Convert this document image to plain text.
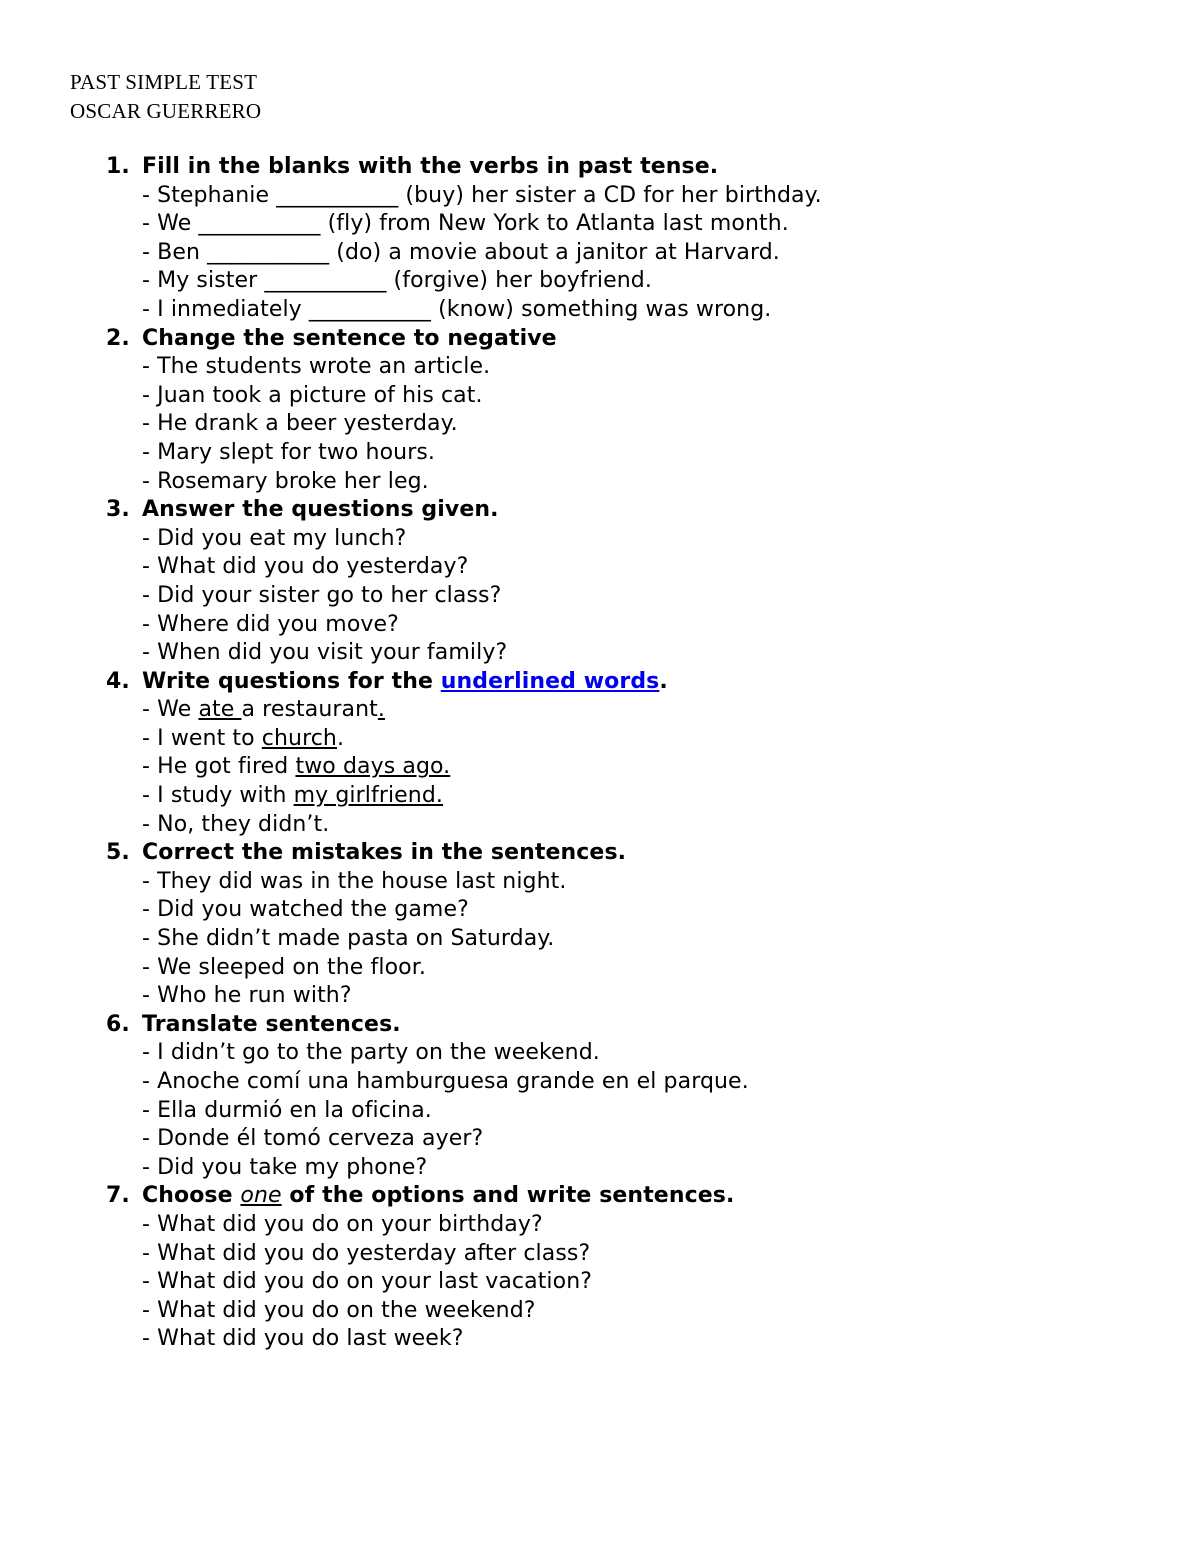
PAST SIMPLE TEST
OSCAR GUERRERO
1. Fill in the blanks with the verbs in past tense.
- Stephanie ___________ (buy) her sister a CD for her birthday.
- We ___________ (fly) from New York to Atlanta last month.
- Ben ___________ (do) a movie about a janitor at Harvard.
- My sister ___________ (forgive) her boyfriend.
- I inmediately ___________ (know) something was wrong.
2. Change the sentence to negative
- The students wrote an article.
- Juan took a picture of his cat.
- He drank a beer yesterday.
- Mary slept for two hours.
- Rosemary broke her leg.
3. Answer the questions given.
- Did you eat my lunch?
- What did you do yesterday?
- Did your sister go to her class?
- Where did you move?
- When did you visit your family?
4. Write questions for the underlined words.
- We ate a restaurant.
- I went to church.
- He got fired two days ago.
- I study with my girlfriend.
- No, they didn’t.
5. Correct the mistakes in the sentences.
- They did was in the house last night.
- Did you watched the game?
- She didn’t made pasta on Saturday.
- We sleeped on the floor.
- Who he run with?
6. Translate sentences.
- I didn’t go to the party on the weekend.
- Anoche comí una hamburguesa grande en el parque.
- Ella durmió en la oficina.
- Donde él tomó cerveza ayer?
- Did you take my phone?
7. Choose one of the options and write sentences.
- What did you do on your birthday?
- What did you do yesterday after class?
- What did you do on your last vacation?
- What did you do on the weekend?
- What did you do last week?
